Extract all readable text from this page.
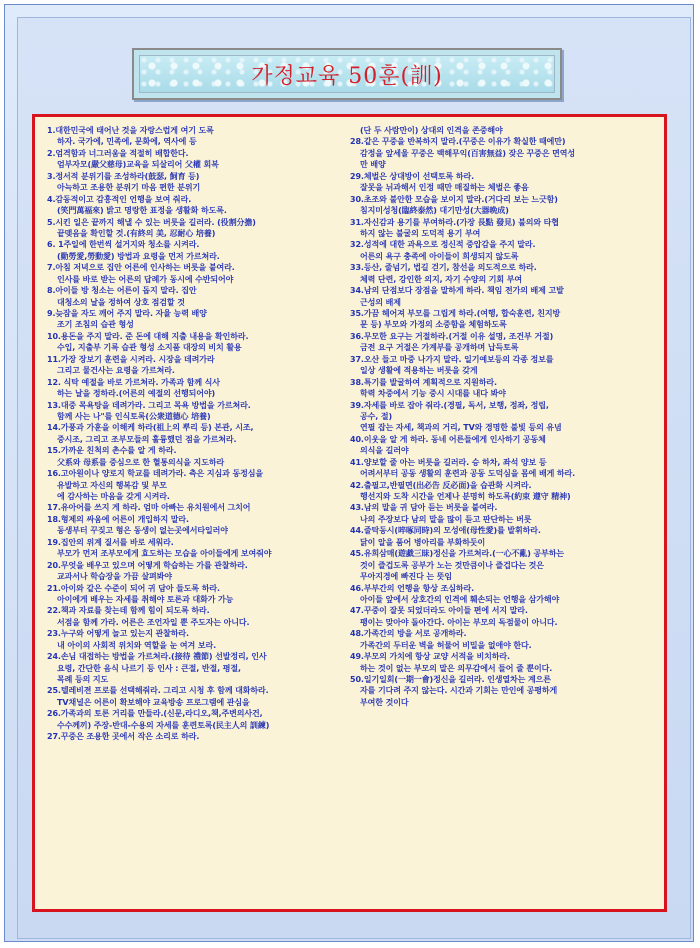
가정교육 50훈(訓)
1.대한민국에 태어난 것을 자랑스럽게 여기 도록
하자. 국가에, 민족에, 문화에, 역사에 등
2.엄격함과 너그러움을 적절히 배합한다.
엄부자모(嚴父慈母)교육을 되살리어 父權 회복
3.정서적 분위기를 조성하라(鼓瑟, 飼育 등)
아늑하고 조용한 분위기 마음 편한 분위기
4.감동적이고 감흥적인 언행을 보여 줘라.
(笑門萬福來) 밝고 명랑한 표정을 생활화 하도록.
5.시킨 일은 끝까지 해낼 수 있는 버릇을 길러라. (役割分擔)
끝맺음을 확인할 것.(有終의 美, 忍耐心 培養)
6. 1주일에 한번씩 설거지와 청소를 시켜라.
(勤勞愛,勞動愛) 방법과 요령을 먼저 가르쳐라.
7.아침 저녁으로 집안 어른에 인사하는 버릇을 붙여라.
인사를 바로 받는 어른의 답례가 동시에 수반되어야
8.아이들 방 청소는 어른이 돕지 말라. 집안
대청소의 날을 정하여 상호 점검할 것
9.늦잠을 자도 깨어 주지 말라. 자율 능력 배양
조기 조침의 습관 형성
10.용돈을 주지 말라. 준 돈에 대해 지출 내용을 확인하라.
수입, 지출부 기록 습관 형성 소지품 대장의 비치 활용
11.가장 장보기 훈련을 시켜라. 시장을 데려가라
그리고 물건사는 요령을 가르쳐라.
12. 식탁 예절을 바로 가르쳐라. 가족과 함께 식사
하는 날을 정하라.(어른의 예절의 선행되어야)
13.대중 목욕탕을 데려가라. 그리고 목욕 방법을 가르쳐라.
함께 사는 나"를 인식토록(公衆道德心 培養)
14.가풍과 가훈을 이해케 하라(祖上의 뿌리 등) 본관, 시조,
중시조, 그리고 조부모들의 훌륭했던 점을 가르쳐라.
15.가까운 친척의 촌수를 알 게 하라.
父系와 母系를 중심으로 한 혈통의식을 지도하라
16.고아원이나 양로지 학교를 데려가라. 측은 지심과 동정심을
유발하고 자신의 행복감 및 부모
에 감사하는 마음을 갖게 시켜라.
17.유아어를 쓰지 게 하라. 엄마 아빠는 유치원에서 그치어
18.형제의 싸움에 어른이 개입하지 말라.
동생부터 꾸짖고 형은 동생이 없는곳에서타일러야
19.집안의 위계 질서를 바로 세워라.
부모가 먼저 조부모에게 효도하는 모습을 아이들에게 보여줘야
20.무엇을 배우고 있으며 어떻게 학습하는 가를 관찰하라.
교과서나 학습장을 가끔 살펴봐야
21.아이와 같은 수준이 되어 귀 담아 들도록 하라.
아이에게 배우는 자세를 취해야 토론과 대화가 가능
22.책과 자료를 찾는데 함께 힘이 되도록 하라.
서점을 함께 가라. 어른은 조언자일 뿐 주도자는 아니다.
23.누구와 어떻게 놀고 있는지 관찰하라.
내 아이의 사회적 위치와 역할을 눈 여겨 보라.
24.손님 대접하는 방법을 가르쳐라.(接待 禮節) 선발정리, 인사
요령, 간단한 음식 나르기 등 인사 : 큰절, 반절, 평절,
목례 등의 지도
25.텔레비젼 프로를 선택해줘라. 그리고 시청 후 함께 대화하라.
TV채널은 어른이 확보해야 교육방송 프로그램에 관심을
26.가족과의 토론 거리를 만들라.(신문,라디오,책,주변의사건,
수수께끼) 주장-반대-수용의 자세를 훈련토록(民主人의 訓練)
27.꾸중은 조용한 곳에서 작은 소리로 하라.
(단 두 사람만이) 상대의 인격을 존중해야
28.같은 꾸중을 반복하지 말라.(꾸중은 이유가 확실한 때에만)
감정을 앞세울 꾸중은 백해무익(百害無益) 잦은 꾸중은 면역성
만 배양
29.체벌은 상대방이 선택토록 하라.
잘못을 뉘과해서 인정 때만 매질하는 체벌은 좋음
30.초조와 불안한 모습을 보이지 말라.(거다리 보는 느긋함)
침지미성청(臨終泰然) 대기만성(大器晩成)
31.자신감과 용기를 부여하라.(가장 長點 發見) 불의와 타협
하지 않는 불굴의 도덕적 용기 부여
32.성적에 대한 과욕으로 정신적 중압감을 주지 말라.
어른의 욕구 충족에 아이들이 희생되지 않도록
33.등산, 줄넘기, 법길 걷기, 참선을 의도적으로 하라.
체력 단련, 강인한 의지, 자기 수양의 기회 부여
34.남의 단점보다 장점을 말하게 하라. 책임 전가의 배제 고발
근성의 배제
35.가끔 헤어져 부모를 그립게 하라.(여행, 합숙훈련, 친지방
문 등) 부모와 가정의 소중함을 체험하도록
36.무모한 요구는 거절하라.(거절 이유 설명, 조건부 거절)
금전 요구 거절은 가계부를 공개하며 납득토록
37.오산 들고 마중 나가지 말라. 일기예보등의 각종 정보를
일상 생활에 적용하는 버릇을 갖게
38.특기를 발굴하여 계획적으로 지원하라.
학력 차중에서 기능 중시 시대를 내다 봐야
39.자세를 바로 잡아 줘라.(경필, 독서, 보행, 정좌, 정립,
공수, 절)
연필 잡는 자세, 책과의 거리, TV와 경명한 불빛 등의 유념
40.이웃을 알 게 하라. 동네 어른들에게 인사하기 공동체
의식을 길러야
41.양보할 줄 아는 버릇을 길러라. 승 하차, 좌석 양보 등
어려서부터 공동 생활의 훈련과 공동 도덕심을 몸에 배게 하라.
42.출필고,반필면(出必告 反必面)을 습관화 시켜라.
행선지와 도착 시간을 언제나 분명히 하도록(約束 遵守 精神)
43.남의 말을 귀 담아 듣는 버릇을 붙여라.
나의 주장보다 남의 말을 많이 듣고 판단하는 버릇
44.줄탁동시(啐啄同時)의 모성애(母性愛)를 발휘하라.
닭이 알을 품어 병아리를 부화하듯이
45.유희삼매(遊戱三昧)정신을 가르쳐라.(一心不亂) 공부하는
것이 즐겁도록 공부가 노는 것만큼이나 즐겁다는 것은
무아지경에 빠진다 는 뜻임
46.부부간의 언행을 항상 조심하라.
아이들 앞에서 상호간의 인격에 훼손되는 언행을 삼가해야
47.꾸중이 잘못 되었더라도 아이들 편에 서지 말라.
팽이는 맞아야 돌아간다. 아이는 부모의 독점물이 아니다.
48.가족간의 방을 서로 공개하라.
가족간의 두터운 벽을 허물어 비밀을 없애야 한다.
49.부모의 가치에 항상 교양 서적을 비치하라.
하는 것이 없는 부모의 말은 의무감에서 들어 줄 뿐이다.
50.일기일회(一期一會)정신을 길러라. 인생열차는 계으른
자를 기다려 주지 않는다. 시간과 기회는 만인에 공평하게
부여한 것이다
